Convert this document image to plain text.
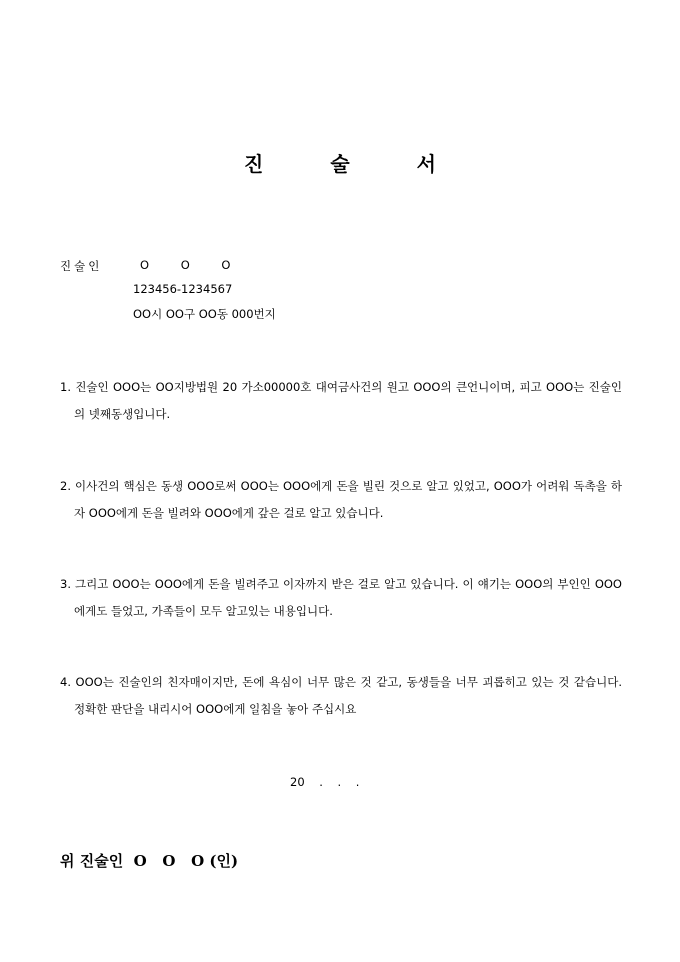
진 술 서
진술인	O O O
123456-1234567
OO시 OO구 OO동 000번지
1. 진술인 OOO는 OO지방법원 20 가소00000호 대여금사건의 원고 OOO의 큰언니이며, 피고 OOO는 진술인의 넷째동생입니다.
2. 이사건의 핵심은 동생 OOO로써 OOO는 OOO에게 돈을 빌린 것으로 알고 있었고, OOO가 어려워 독촉을 하자 OOO에게 돈을 빌려와 OOO에게 갚은 걸로 알고 있습니다.
3. 그리고 OOO는 OOO에게 돈을 빌려주고 이자까지 받은 걸로 알고 있습니다. 이 얘기는 OOO의 부인인 OOO에게도 들었고, 가족들이 모두 알고있는 내용입니다.
4. OOO는 진술인의 친자매이지만, 돈에 욕심이 너무 많은 것 같고, 동생들을 너무 괴롭히고 있는 것 같습니다. 정확한 판단을 내리시어 OOO에게 일침을 놓아 주십시요
20    .    .    .
위 진술인  O   O   O (인)
